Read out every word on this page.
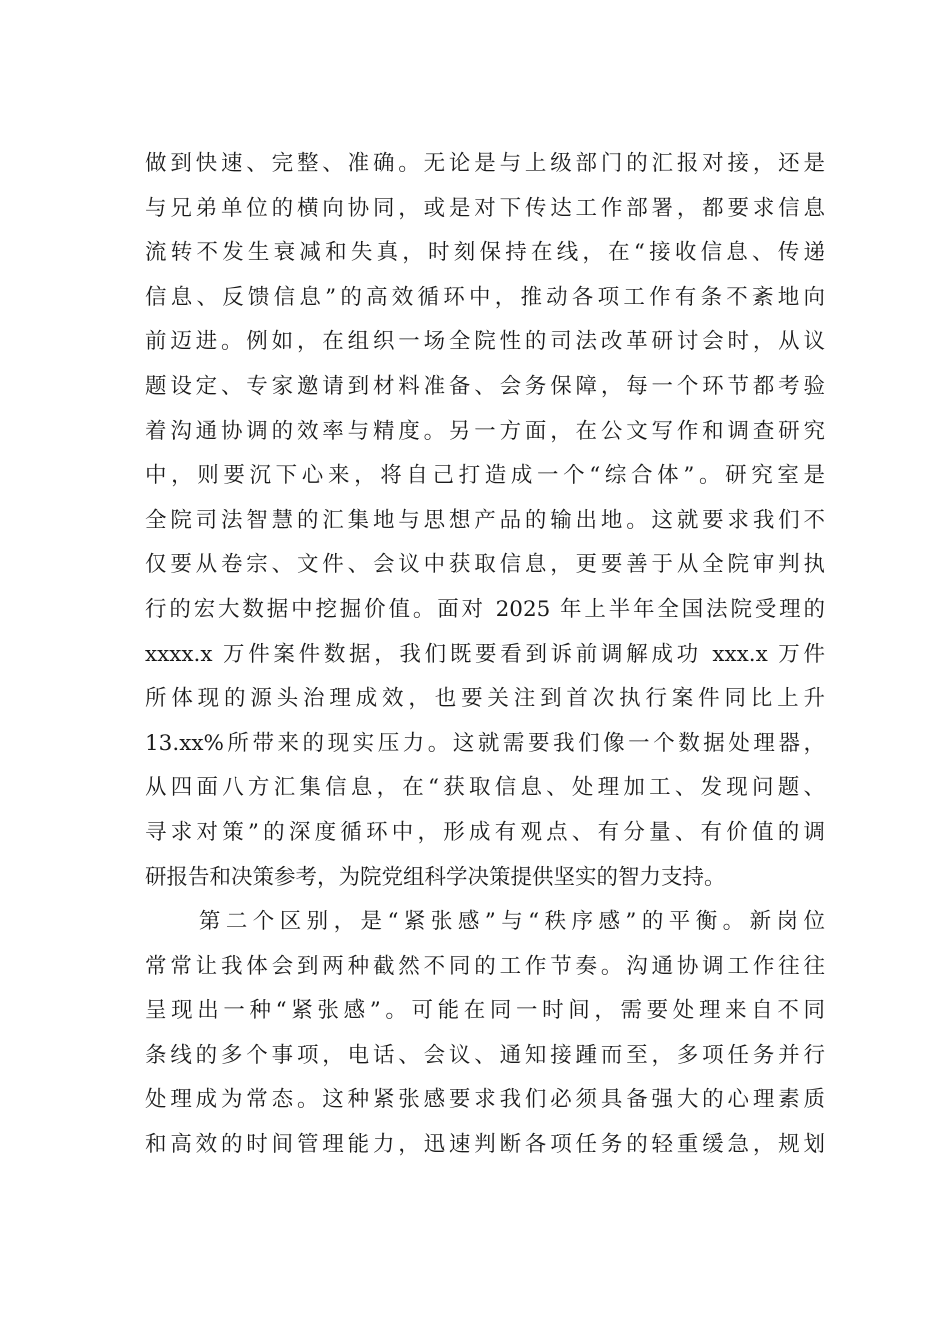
做到快速、完整、准确。无论是与上级部门的汇报对接，还是
与兄弟单位的横向协同，或是对下传达工作部署，都要求信息
流转不发生衰减和失真，时刻保持在线，在“接收信息、传递
信息、反馈信息”的高效循环中，推动各项工作有条不紊地向
前迈进。例如，在组织一场全院性的司法改革研讨会时，从议
题设定、专家邀请到材料准备、会务保障，每一个环节都考验
着沟通协调的效率与精度。另一方面，在公文写作和调查研究
中，则要沉下心来，将自己打造成一个“综合体”。研究室是
全院司法智慧的汇集地与思想产品的输出地。这就要求我们不
仅要从卷宗、文件、会议中获取信息，更要善于从全院审判执
行的宏大数据中挖掘价值。面对 2025 年上半年全国法院受理的
xxxx.x 万件案件数据，我们既要看到诉前调解成功 xxx.x 万件
所体现的源头治理成效，也要关注到首次执行案件同比上升
13.xx%所带来的现实压力。这就需要我们像一个数据处理器，
从四面八方汇集信息，在“获取信息、处理加工、发现问题、
寻求对策”的深度循环中，形成有观点、有分量、有价值的调
研报告和决策参考，为院党组科学决策提供坚实的智力支持。
　　第二个区别，是“紧张感”与“秩序感”的平衡。新岗位
常常让我体会到两种截然不同的工作节奏。沟通协调工作往往
呈现出一种“紧张感”。可能在同一时间，需要处理来自不同
条线的多个事项，电话、会议、通知接踵而至，多项任务并行
处理成为常态。这种紧张感要求我们必须具备强大的心理素质
和高效的时间管理能力，迅速判断各项任务的轻重缓急，规划
